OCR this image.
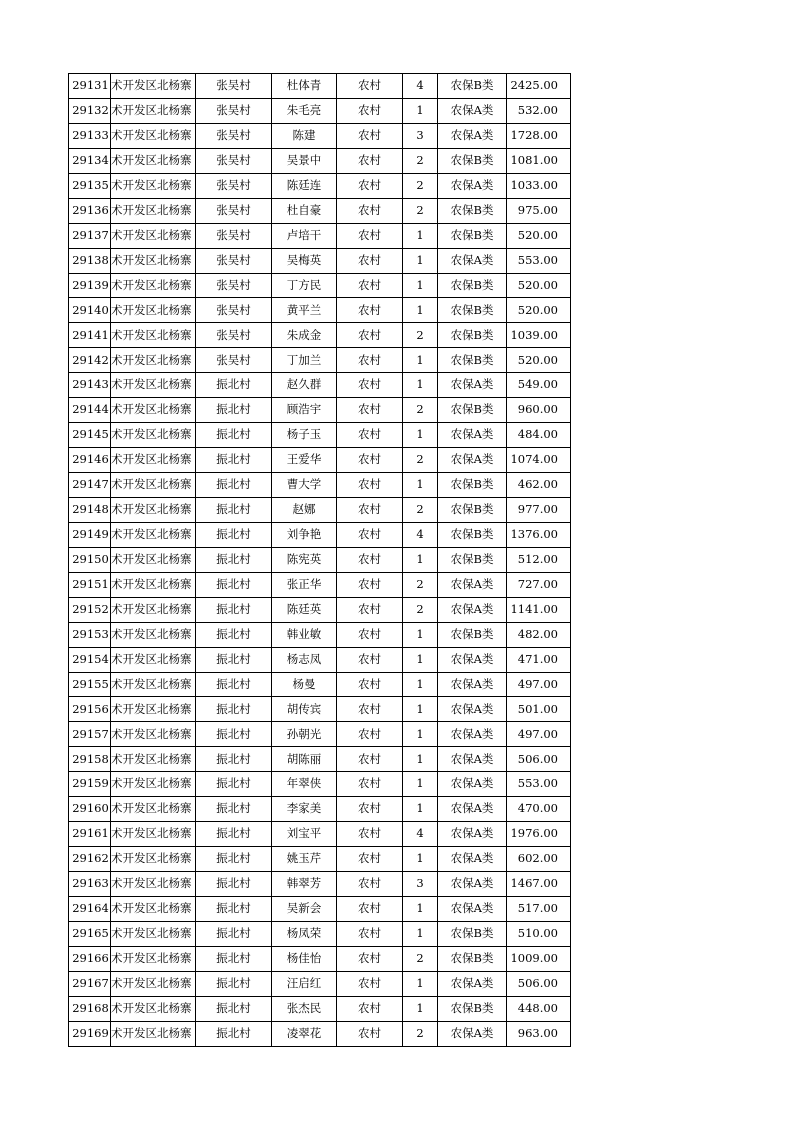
29131	术开发区北杨寨	张吴村	杜体青	农村	4	农保B类	2425.00
29132	术开发区北杨寨	张吴村	朱毛亮	农村	1	农保A类	532.00
29133	术开发区北杨寨	张吴村	陈建	农村	3	农保A类	1728.00
29134	术开发区北杨寨	张吴村	吴景中	农村	2	农保B类	1081.00
29135	术开发区北杨寨	张吴村	陈廷连	农村	2	农保A类	1033.00
29136	术开发区北杨寨	张吴村	杜自豪	农村	2	农保B类	975.00
29137	术开发区北杨寨	张吴村	卢培干	农村	1	农保B类	520.00
29138	术开发区北杨寨	张吴村	吴梅英	农村	1	农保A类	553.00
29139	术开发区北杨寨	张吴村	丁方民	农村	1	农保B类	520.00
29140	术开发区北杨寨	张吴村	黄平兰	农村	1	农保B类	520.00
29141	术开发区北杨寨	张吴村	朱成金	农村	2	农保B类	1039.00
29142	术开发区北杨寨	张吴村	丁加兰	农村	1	农保B类	520.00
29143	术开发区北杨寨	振北村	赵久群	农村	1	农保A类	549.00
29144	术开发区北杨寨	振北村	顾浩宇	农村	2	农保B类	960.00
29145	术开发区北杨寨	振北村	杨子玉	农村	1	农保A类	484.00
29146	术开发区北杨寨	振北村	王爱华	农村	2	农保A类	1074.00
29147	术开发区北杨寨	振北村	曹大学	农村	1	农保B类	462.00
29148	术开发区北杨寨	振北村	赵娜	农村	2	农保B类	977.00
29149	术开发区北杨寨	振北村	刘争艳	农村	4	农保B类	1376.00
29150	术开发区北杨寨	振北村	陈宪英	农村	1	农保B类	512.00
29151	术开发区北杨寨	振北村	张正华	农村	2	农保A类	727.00
29152	术开发区北杨寨	振北村	陈廷英	农村	2	农保A类	1141.00
29153	术开发区北杨寨	振北村	韩业敏	农村	1	农保B类	482.00
29154	术开发区北杨寨	振北村	杨志凤	农村	1	农保A类	471.00
29155	术开发区北杨寨	振北村	杨曼	农村	1	农保A类	497.00
29156	术开发区北杨寨	振北村	胡传宾	农村	1	农保A类	501.00
29157	术开发区北杨寨	振北村	孙朝光	农村	1	农保A类	497.00
29158	术开发区北杨寨	振北村	胡陈丽	农村	1	农保A类	506.00
29159	术开发区北杨寨	振北村	年翠侠	农村	1	农保A类	553.00
29160	术开发区北杨寨	振北村	李家美	农村	1	农保A类	470.00
29161	术开发区北杨寨	振北村	刘宝平	农村	4	农保A类	1976.00
29162	术开发区北杨寨	振北村	姚玉芹	农村	1	农保A类	602.00
29163	术开发区北杨寨	振北村	韩翠芳	农村	3	农保A类	1467.00
29164	术开发区北杨寨	振北村	吴新会	农村	1	农保A类	517.00
29165	术开发区北杨寨	振北村	杨凤荣	农村	1	农保B类	510.00
29166	术开发区北杨寨	振北村	杨佳怡	农村	2	农保B类	1009.00
29167	术开发区北杨寨	振北村	汪启红	农村	1	农保A类	506.00
29168	术开发区北杨寨	振北村	张杰民	农村	1	农保B类	448.00
29169	术开发区北杨寨	振北村	凌翠花	农村	2	农保A类	963.00
